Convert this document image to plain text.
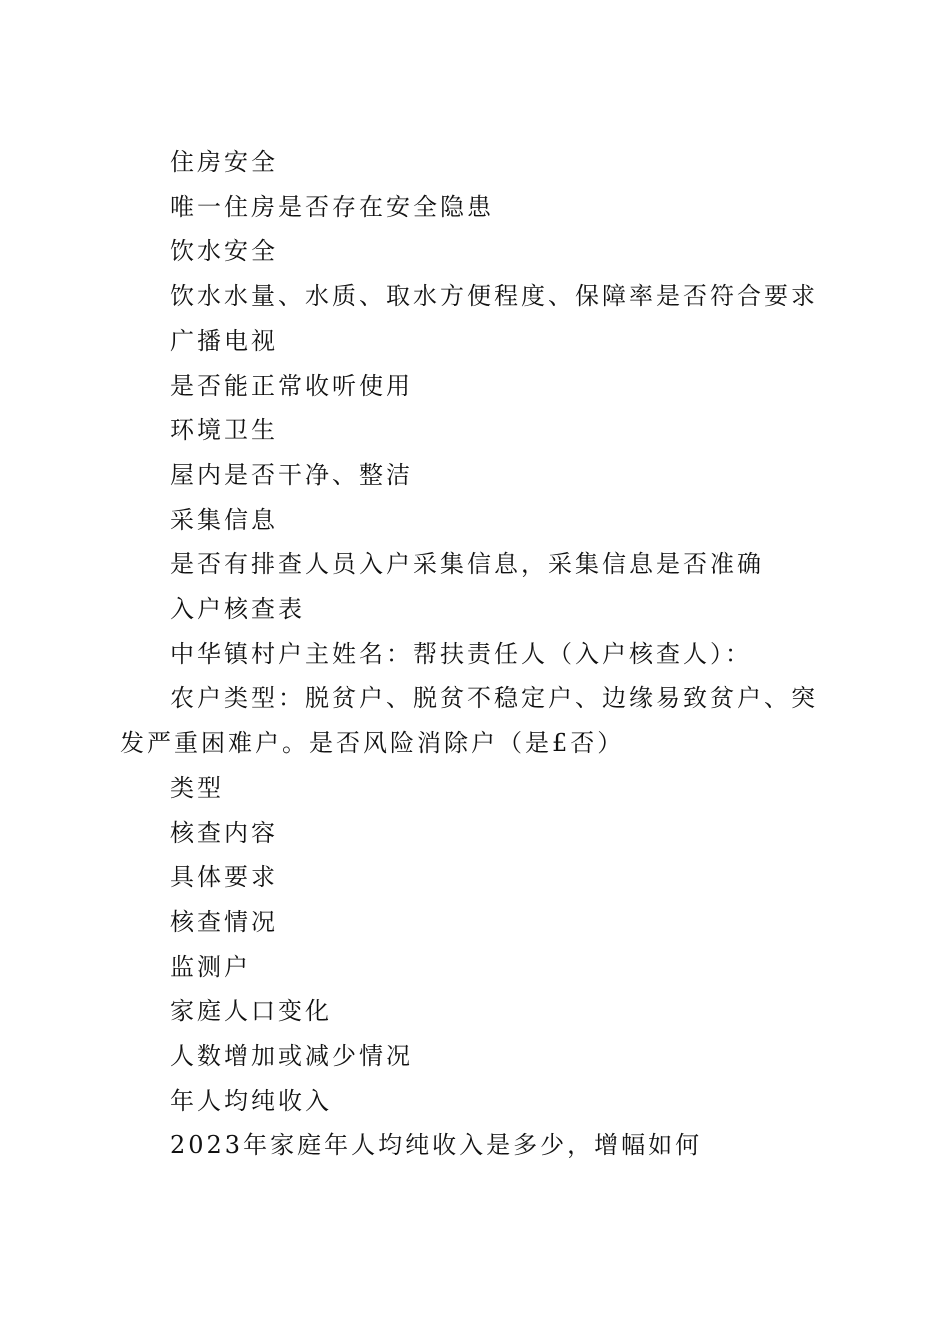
住房安全

唯一住房是否存在安全隐患

饮水安全

饮水水量、水质、取水方便程度、保障率是否符合要求

广播电视

是否能正常收听使用

环境卫生

屋内是否干净、整洁

采集信息

是否有排查人员入户采集信息，采集信息是否准确

入户核查表

中华镇村户主姓名：帮扶责任人（入户核查人）：

农户类型：脱贫户、脱贫不稳定户、边缘易致贫户、突发严重困难户。是否风险消除户（是£否）

类型

核查内容

具体要求

核查情况

监测户

家庭人口变化

人数增加或减少情况

年人均纯收入

2023年家庭年人均纯收入是多少，增幅如何
